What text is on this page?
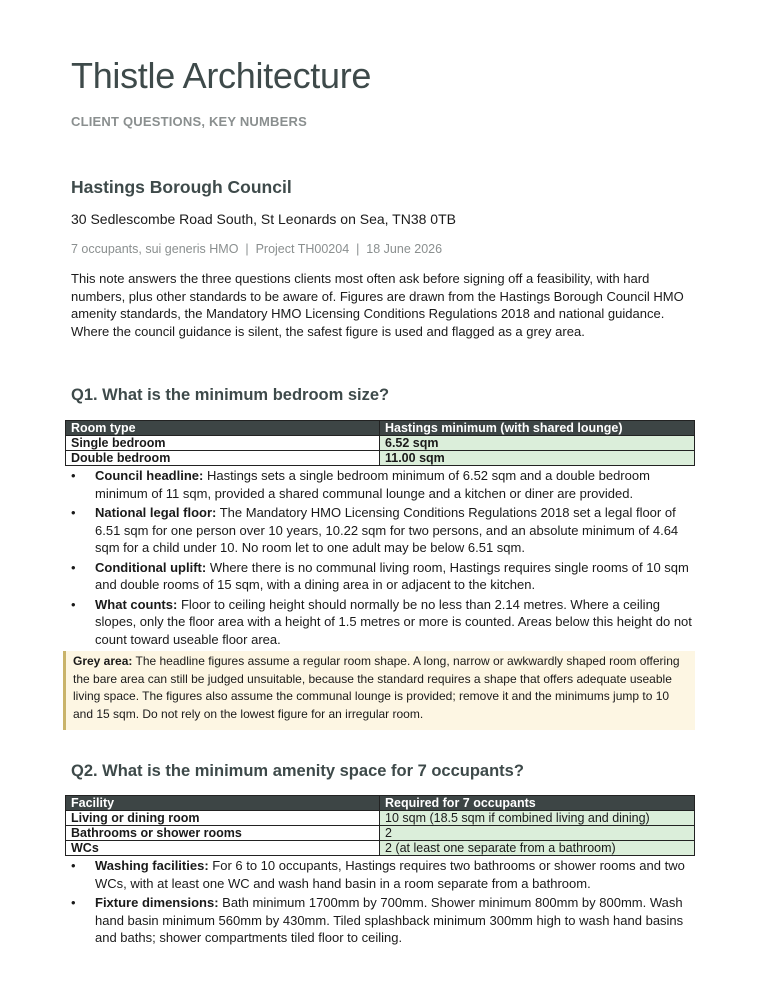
Thistle Architecture
CLIENT QUESTIONS, KEY NUMBERS
Hastings Borough Council
30 Sedlescombe Road South, St Leonards on Sea, TN38 0TB
7 occupants, sui generis HMO  |  Project TH00204  |  18 June 2026

This note answers the three questions clients most often ask before signing off a feasibility, with hard numbers, plus other standards to be aware of. Figures are drawn from the Hastings Borough Council HMO amenity standards, the Mandatory HMO Licensing Conditions Regulations 2018 and national guidance. Where the council guidance is silent, the safest figure is used and flagged as a grey area.

Q1. What is the minimum bedroom size?
Room type	Hastings minimum (with shared lounge)
Single bedroom	6.52 sqm
Double bedroom	11.00 sqm
• Council headline: Hastings sets a single bedroom minimum of 6.52 sqm and a double bedroom minimum of 11 sqm, provided a shared communal lounge and a kitchen or diner are provided.
• National legal floor: The Mandatory HMO Licensing Conditions Regulations 2018 set a legal floor of 6.51 sqm for one person over 10 years, 10.22 sqm for two persons, and an absolute minimum of 4.64 sqm for a child under 10. No room let to one adult may be below 6.51 sqm.
• Conditional uplift: Where there is no communal living room, Hastings requires single rooms of 10 sqm and double rooms of 15 sqm, with a dining area in or adjacent to the kitchen.
• What counts: Floor to ceiling height should normally be no less than 2.14 metres. Where a ceiling slopes, only the floor area with a height of 1.5 metres or more is counted. Areas below this height do not count toward useable floor area.
Grey area: The headline figures assume a regular room shape. A long, narrow or awkwardly shaped room offering the bare area can still be judged unsuitable, because the standard requires a shape that offers adequate useable living space. The figures also assume the communal lounge is provided; remove it and the minimums jump to 10 and 15 sqm. Do not rely on the lowest figure for an irregular room.
Q2. What is the minimum amenity space for 7 occupants?
Facility	Required for 7 occupants
Living or dining room	10 sqm (18.5 sqm if combined living and dining)
Bathrooms or shower rooms	2
WCs	2 (at least one separate from a bathroom)
• Washing facilities: For 6 to 10 occupants, Hastings requires two bathrooms or shower rooms and two WCs, with at least one WC and wash hand basin in a room separate from a bathroom.
• Fixture dimensions: Bath minimum 1700mm by 700mm. Shower minimum 800mm by 800mm. Wash hand basin minimum 560mm by 430mm. Tiled splashback minimum 300mm high to wash hand basins and baths; shower compartments tiled floor to ceiling.
